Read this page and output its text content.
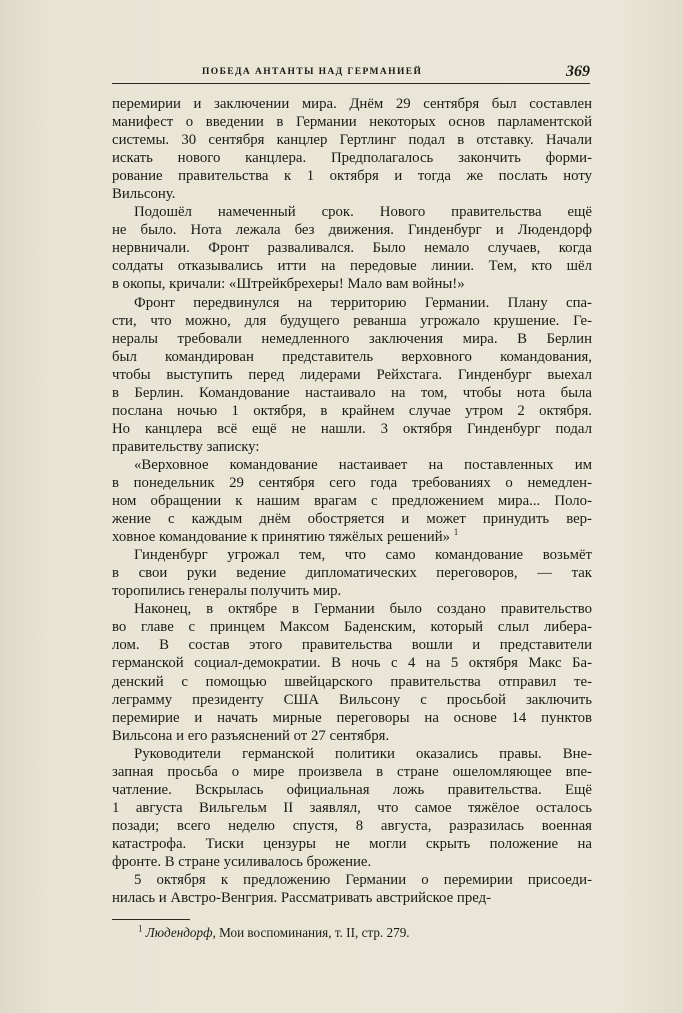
ПОБЕДА АНТАНТЫ НАД ГЕРМАНИЕЙ	369
перемирии и заключении мира. Днём 29 сентября был составлен
манифест о введении в Германии некоторых основ парламентской
системы. 30 сентября канцлер Гертлинг подал в отставку. Начали
искать нового канцлера. Предполагалось закончить форми-
рование правительства к 1 октября и тогда же послать ноту
Вильсону.
Подошёл намеченный срок. Нового правительства ещё
не было. Нота лежала без движения. Гинденбург и Людендорф
нервничали. Фронт разваливался. Было немало случаев, когда
солдаты отказывались итти на передовые линии. Тем, кто шёл
в окопы, кричали: «Штрейкбрехеры! Мало вам войны!»
Фронт передвинулся на территорию Германии. Плану спа-
сти, что можно, для будущего реванша угрожало крушение. Ге-
нералы требовали немедленного заключения мира. В Берлин
был командирован представитель верховного командования,
чтобы выступить перед лидерами Рейхстага. Гинденбург выехал
в Берлин. Командование настаивало на том, чтобы нота была
послана ночью 1 октября, в крайнем случае утром 2 октября.
Но канцлера всё ещё не нашли. 3 октября Гинденбург подал
правительству записку:
«Верховное командование настаивает на поставленных им
в понедельник 29 сентября сего года требованиях о немедлен-
ном обращении к нашим врагам с предложением мира... Поло-
жение с каждым днём обостряется и может принудить вер-
ховное командование к принятию тяжёлых решений» $^1$
Гинденбург угрожал тем, что само командование возьмёт
в свои руки ведение дипломатических переговоров, — так
торопились генералы получить мир.
Наконец, в октябре в Германии было создано правительство
во главе с принцем Максом Баденским, который слыл либера-
лом. В состав этого правительства вошли и представители
германской социал-демократии. В ночь с 4 на 5 октября Макс Ба-
денский с помощью швейцарского правительства отправил те-
леграмму президенту США Вильсону с просьбой заключить
перемирие и начать мирные переговоры на основе 14 пунктов
Вильсона и его разъяснений от 27 сентября.
Руководители германской политики оказались правы. Вне-
запная просьба о мире произвела в стране ошеломляющее впе-
чатление. Вскрылась официальная ложь правительства. Ещё
1 августа Вильгельм II заявлял, что самое тяжёлое осталось
позади; всего неделю спустя, 8 августа, разразилась военная
катастрофа. Тиски цензуры не могли скрыть положение на
фронте. В стране усиливалось брожение.
5 октября к предложению Германии о перемирии присоеди-
нилась и Австро-Венгрия. Рассматривать австрийское пред-
$^1$ Людендорф, Мои воспоминания, т. II, стр. 279.
